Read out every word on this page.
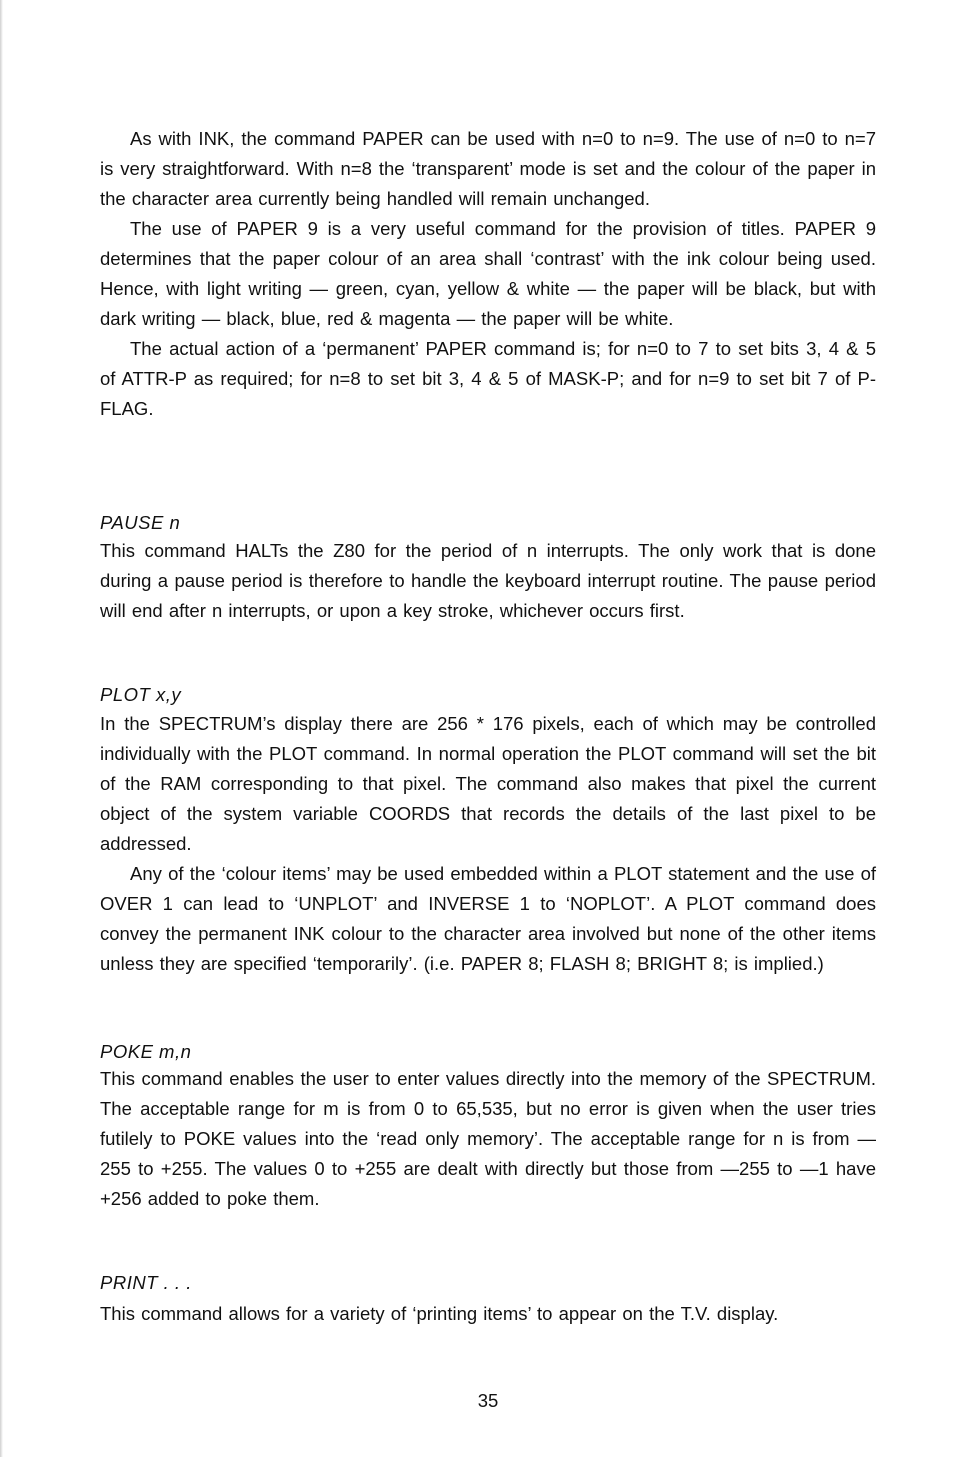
As with INK, the command PAPER can be used with n=0 to n=9. The use of n=0 to n=7 is very straightforward. With n=8 the ‘transparent’ mode is set and the colour of the paper in the character area currently being handled will remain unchanged.

The use of PAPER 9 is a very useful command for the provision of titles. PAPER 9 determines that the paper colour of an area shall ‘contrast’ with the ink colour being used. Hence, with light writing — green, cyan, yellow & white — the paper will be black, but with dark writing — black, blue, red & magenta — the paper will be white.

The actual action of a ‘permanent’ PAPER command is; for n=0 to 7 to set bits 3, 4 & 5 of ATTR-P as required; for n=8 to set bit 3, 4 & 5 of MASK-P; and for n=9 to set bit 7 of P-FLAG.

PAUSE n

This command HALTs the Z80 for the period of n interrupts. The only work that is done during a pause period is therefore to handle the keyboard interrupt routine. The pause period will end after n interrupts, or upon a key stroke, whichever occurs first.

PLOT x,y

In the SPECTRUM’s display there are 256 * 176 pixels, each of which may be controlled individually with the PLOT command. In normal operation the PLOT command will set the bit of the RAM corresponding to that pixel. The command also makes that pixel the current object of the system variable COORDS that records the details of the last pixel to be addressed.

Any of the ‘colour items’ may be used embedded within a PLOT statement and the use of OVER 1 can lead to ‘UNPLOT’ and INVERSE 1 to ‘NOPLOT’. A PLOT command does convey the permanent INK colour to the character area involved but none of the other items unless they are specified ‘temporarily’. (i.e. PAPER 8; FLASH 8; BRIGHT 8; is implied.)

POKE m,n

This command enables the user to enter values directly into the memory of the SPECTRUM. The acceptable range for m is from 0 to 65,535, but no error is given when the user tries futilely to POKE values into the ‘read only memory’. The acceptable range for n is from —255 to +255. The values 0 to +255 are dealt with directly but those from —255 to —1 have +256 added to poke them.

PRINT . . .

This command allows for a variety of ‘printing items’ to appear on the T.V. display.

35
